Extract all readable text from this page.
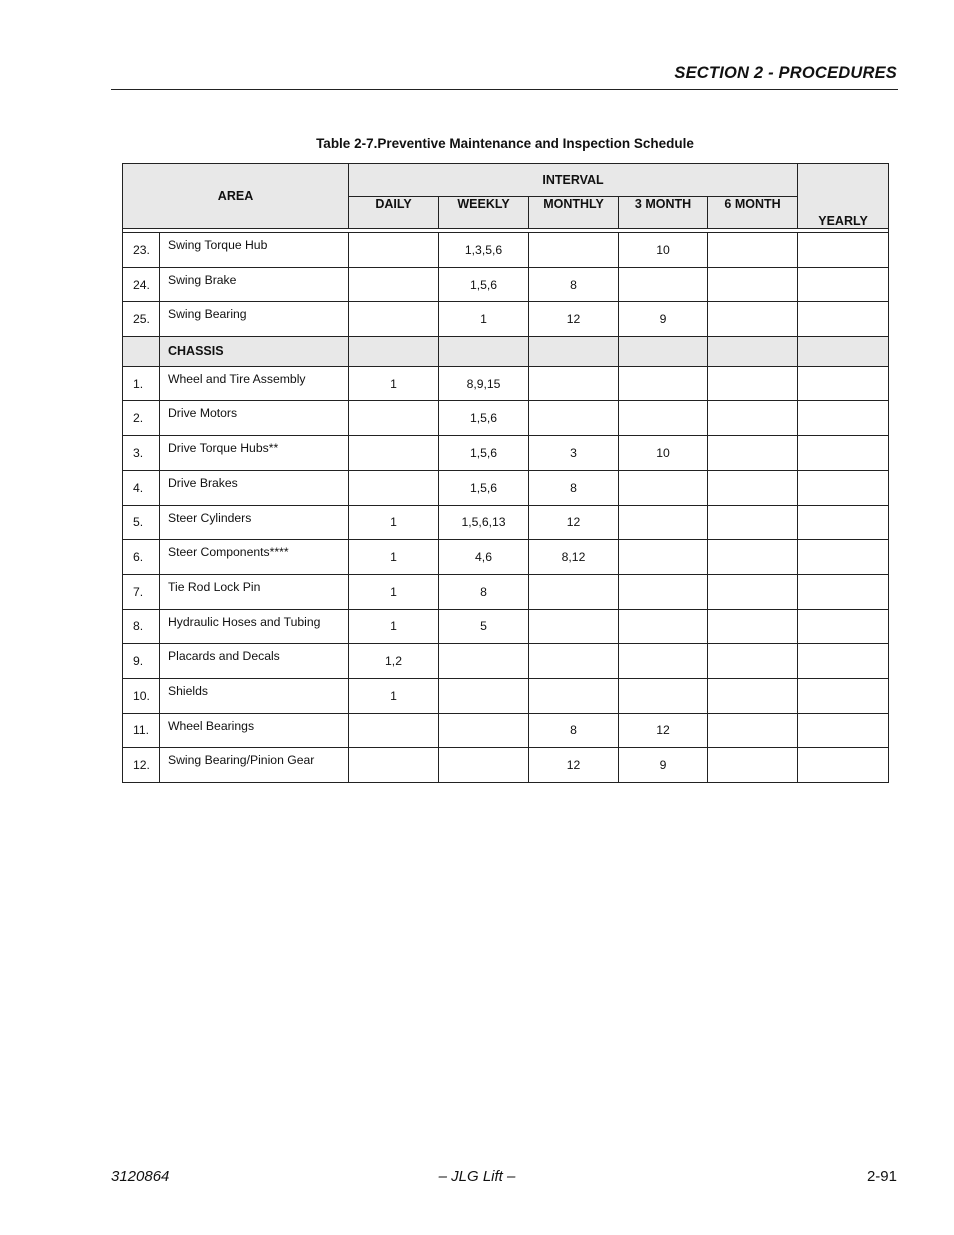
SECTION 2 - PROCEDURES
Table 2-7.Preventive Maintenance and Inspection Schedule
AREA		INTERVAL					YEARLY
		DAILY	WEEKLY	MONTHLY	3 MONTH	6 MONTH	

23.	Swing Torque Hub		1,3,5,6		10		
24.	Swing Brake		1,5,6	8			
25.	Swing Bearing		1	12	9		
	CHASSIS						
1.	Wheel and Tire Assembly	1	8,9,15				
2.	Drive Motors		1,5,6				
3.	Drive Torque Hubs**		1,5,6	3	10		
4.	Drive Brakes		1,5,6	8			
5.	Steer Cylinders	1	1,5,6,13	12			
6.	Steer Components****	1	4,6	8,12			
7.	Tie Rod Lock Pin	1	8				
8.	Hydraulic Hoses and Tubing	1	5				
9.	Placards and Decals	1,2					
10.	Shields	1					
11.	Wheel Bearings			8	12		
12.	Swing Bearing/Pinion Gear			12	9		
3120864	– JLG Lift –	2-91
